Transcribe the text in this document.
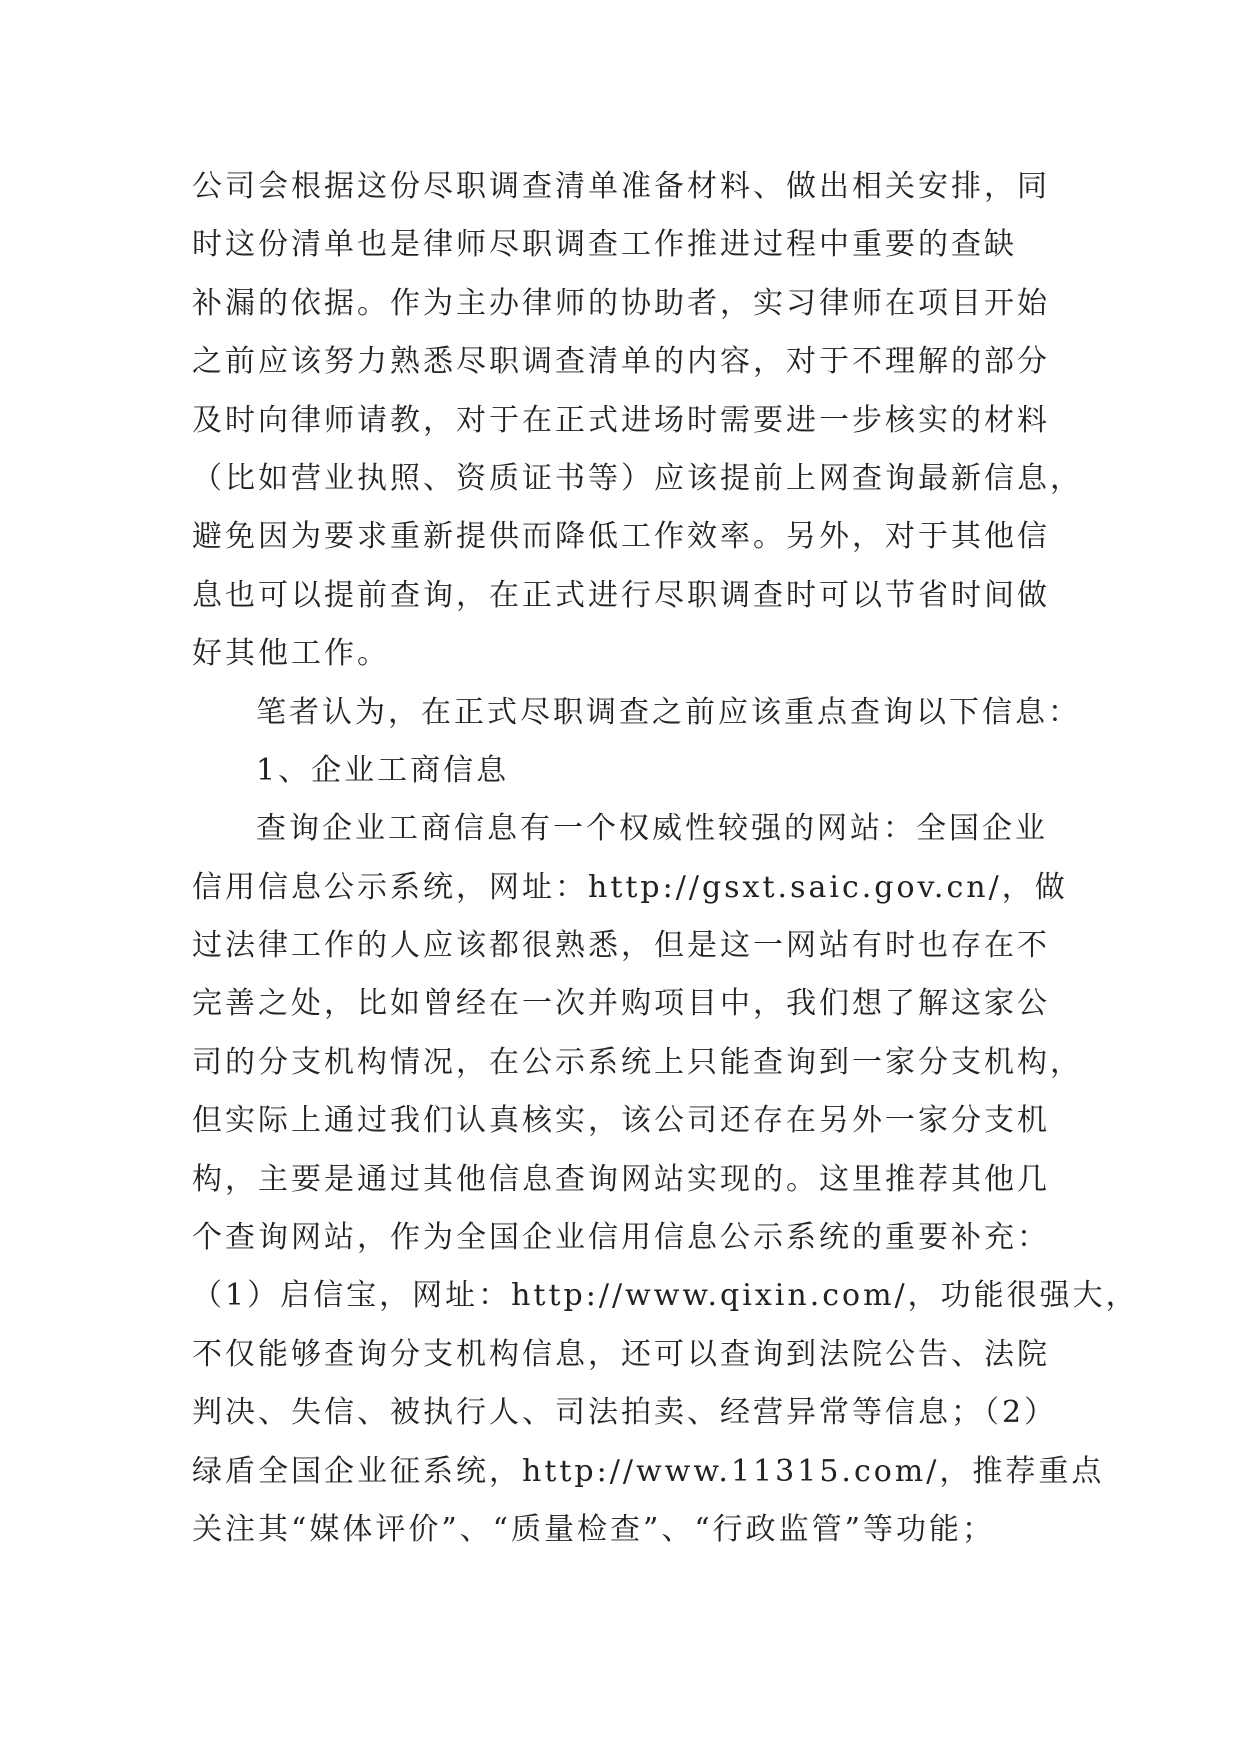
公司会根据这份尽职调查清单准备材料、做出相关安排，同
时这份清单也是律师尽职调查工作推进过程中重要的查缺
补漏的依据。作为主办律师的协助者，实习律师在项目开始
之前应该努力熟悉尽职调查清单的内容，对于不理解的部分
及时向律师请教，对于在正式进场时需要进一步核实的材料
（比如营业执照、资质证书等）应该提前上网查询最新信息，
避免因为要求重新提供而降低工作效率。另外，对于其他信
息也可以提前查询，在正式进行尽职调查时可以节省时间做
好其他工作。
笔者认为，在正式尽职调查之前应该重点查询以下信息：
1、企业工商信息
查询企业工商信息有一个权威性较强的网站：全国企业
信用信息公示系统，网址：http://gsxt.saic.gov.cn/，做
过法律工作的人应该都很熟悉，但是这一网站有时也存在不
完善之处，比如曾经在一次并购项目中，我们想了解这家公
司的分支机构情况，在公示系统上只能查询到一家分支机构，
但实际上通过我们认真核实，该公司还存在另外一家分支机
构，主要是通过其他信息查询网站实现的。这里推荐其他几
个查询网站，作为全国企业信用信息公示系统的重要补充：
（1）启信宝，网址：http://www.qixin.com/，功能很强大，
不仅能够查询分支机构信息，还可以查询到法院公告、法院
判决、失信、被执行人、司法拍卖、经营异常等信息；（2）
绿盾全国企业征系统，http://www.11315.com/，推荐重点
关注其“媒体评价”、“质量检查”、“行政监管”等功能；
